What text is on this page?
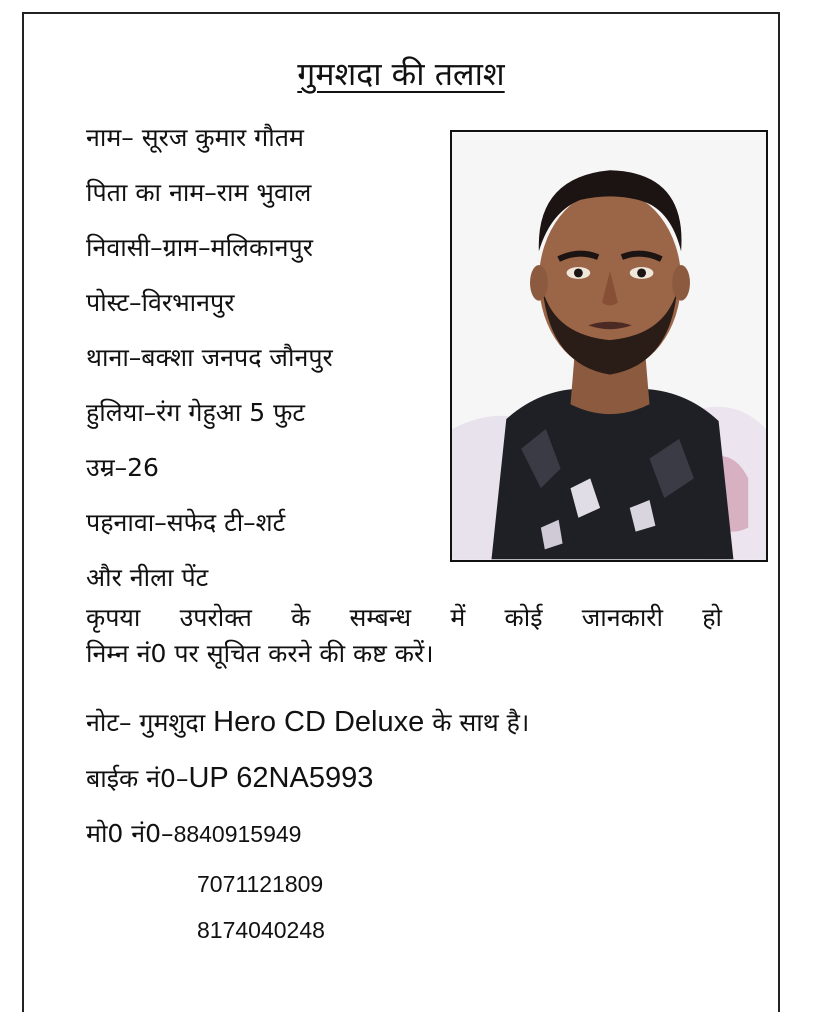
गुमशदा की तलाश
नाम– सूरज कुमार गौतम
पिता का नाम–राम भुवाल
निवासी–ग्राम–मलिकानपुर
पोस्ट–विरभानपुर
थाना–बक्शा जनपद जौनपुर
हुलिया–रंग गेहुआ 5 फुट
उम्र–26
पहनावा–सफेद टी–शर्ट
और नीला पेंट
कृपया उपरोक्त के सम्बन्ध में कोई जानकारी हो
निम्न नं0 पर सूचित करने की कष्ट करें।
नोट– गुमशुदा Hero CD Deluxe के साथ है।
बाईक नं0–UP 62NA5993
मो0 नं0–8840915949
7071121809
8174040248
